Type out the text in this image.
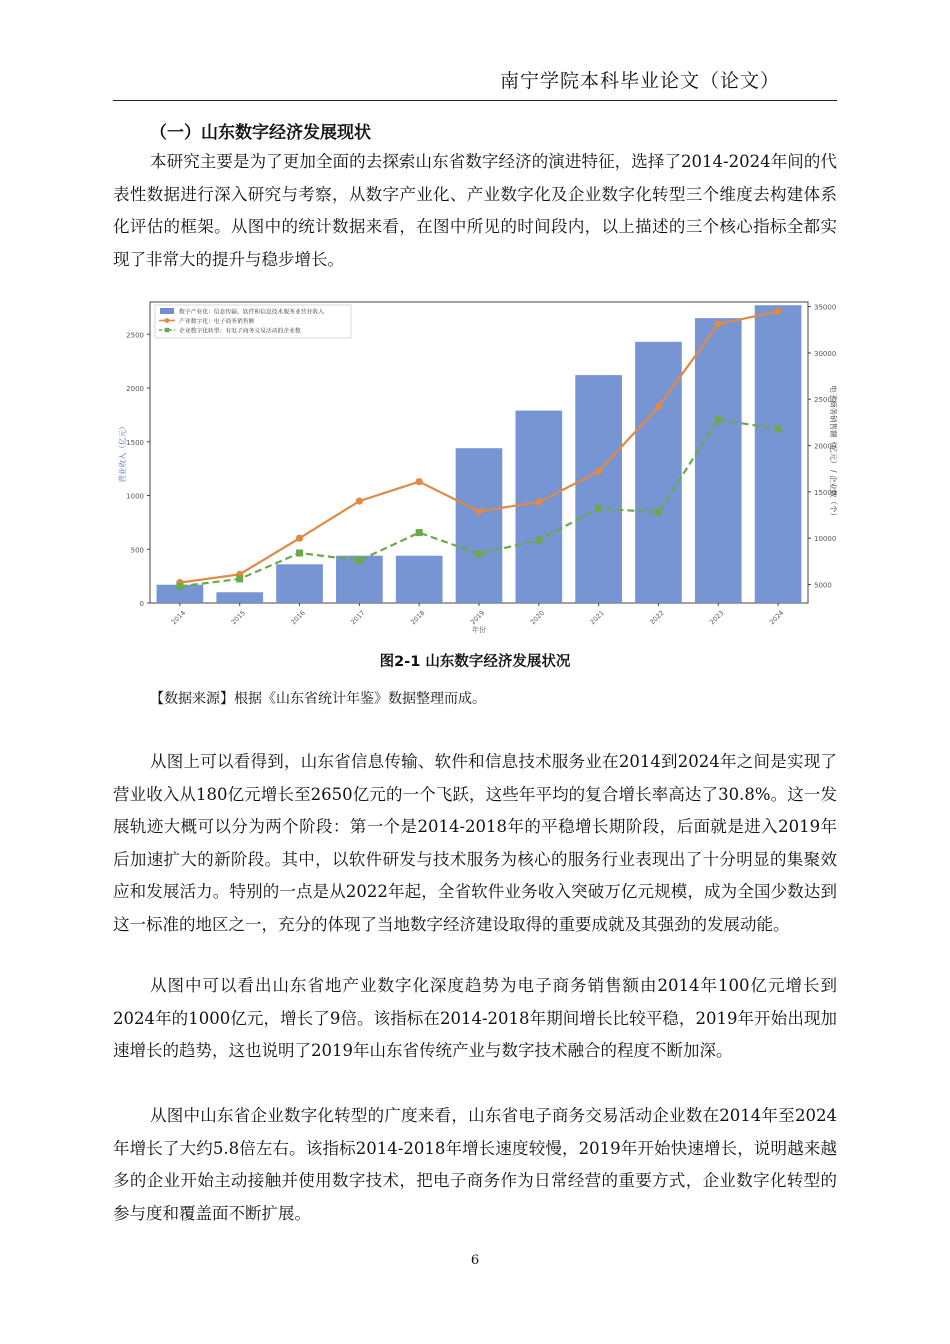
南宁学院本科毕业论文（论文）
（一）山东数字经济发展现状

本研究主要是为了更加全面的去探索山东省数字经济的演进特征，选择了2014-2024年间的代表性数据进行深入研究与考察，从数字产业化、产业数字化及企业数字化转型三个维度去构建体系化评估的框架。从图中的统计数据来看，在图中所见的时间段内，以上描述的三个核心指标全都实现了非常大的提升与稳步增长。

0
500
1000
1500
2000
2500
5000
10000
15000
20000
25000
30000
35000
2014	2015	2016	2017	2018	2019	2020	2021	2022	2023	2024
年份
营业收入（亿元）	电子商务销售额（亿元） 企业数（个）
数字产业化：信息传输、软件和信息技术服务业营业收入
产业数字化：电子商务销售额
企业数字化转型：有电子商务交易活动的企业数
图2-1 山东数字经济发展状况
【数据来源】根据《山东省统计年鉴》数据整理而成。

从图上可以看得到，山东省信息传输、软件和信息技术服务业在2014到2024年之间是实现了营业收入从180亿元增长至2650亿元的一个飞跃，这些年平均的复合增长率高达了30.8%。这一发展轨迹大概可以分为两个阶段：第一个是2014-2018年的平稳增长期阶段，后面就是进入2019年后加速扩大的新阶段。其中，以软件研发与技术服务为核心的服务行业表现出了十分明显的集聚效应和发展活力。特别的一点是从2022年起，全省软件业务收入突破万亿元规模，成为全国少数达到这一标准的地区之一，充分的体现了当地数字经济建设取得的重要成就及其强劲的发展动能。

从图中可以看出山东省地产业数字化深度趋势为电子商务销售额由2014年100亿元增长到2024年的1000亿元，增长了9倍。该指标在2014-2018年期间增长比较平稳，2019年开始出现加速增长的趋势，这也说明了2019年山东省传统产业与数字技术融合的程度不断加深。

从图中山东省企业数字化转型的广度来看，山东省电子商务交易活动企业数在2014年至2024年增长了大约5.8倍左右。该指标2014-2018年增长速度较慢，2019年开始快速增长，说明越来越多的企业开始主动接触并使用数字技术，把电子商务作为日常经营的重要方式，企业数字化转型的参与度和覆盖面不断扩展。

6
